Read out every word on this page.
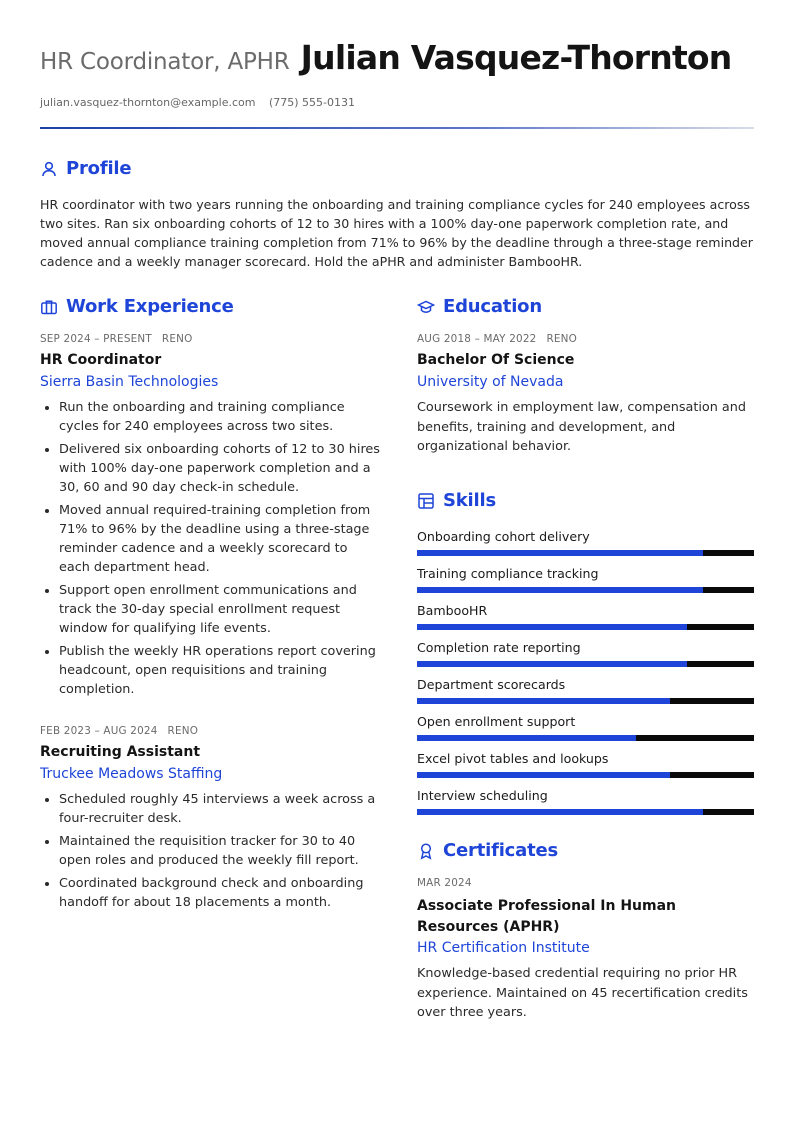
HR Coordinator, APHR Julian Vasquez-Thornton
julian.vasquez-thornton@example.com (775) 555-0131
Profile
HR coordinator with two years running the onboarding and training compliance cycles for 240 employees across two sites. Ran six onboarding cohorts of 12 to 30 hires with a 100% day-one paperwork completion rate, and moved annual compliance training completion from 71% to 96% by the deadline through a three-stage reminder cadence and a weekly manager scorecard. Hold the aPHR and administer BambooHR.
Work Experience
SEP 2024 – PRESENT RENO
HR Coordinator
Sierra Basin Technologies
• Run the onboarding and training compliance cycles for 240 employees across two sites.
• Delivered six onboarding cohorts of 12 to 30 hires with 100% day-one paperwork completion and a 30, 60 and 90 day check-in schedule.
• Moved annual required-training completion from 71% to 96% by the deadline using a three-stage reminder cadence and a weekly scorecard to each department head.
• Support open enrollment communications and track the 30-day special enrollment request window for qualifying life events.
• Publish the weekly HR operations report covering headcount, open requisitions and training completion.
FEB 2023 – AUG 2024 RENO
Recruiting Assistant
Truckee Meadows Staffing
• Scheduled roughly 45 interviews a week across a four-recruiter desk.
• Maintained the requisition tracker for 30 to 40 open roles and produced the weekly fill report.
• Coordinated background check and onboarding handoff for about 18 placements a month.
Education
AUG 2018 – MAY 2022 RENO
Bachelor Of Science
University of Nevada
Coursework in employment law, compensation and benefits, training and development, and organizational behavior.
Skills
Onboarding cohort delivery
Training compliance tracking
BambooHR
Completion rate reporting
Department scorecards
Open enrollment support
Excel pivot tables and lookups
Interview scheduling
Certificates
MAR 2024
Associate Professional In Human Resources (APHR)
HR Certification Institute
Knowledge-based credential requiring no prior HR experience. Maintained on 45 recertification credits over three years.
